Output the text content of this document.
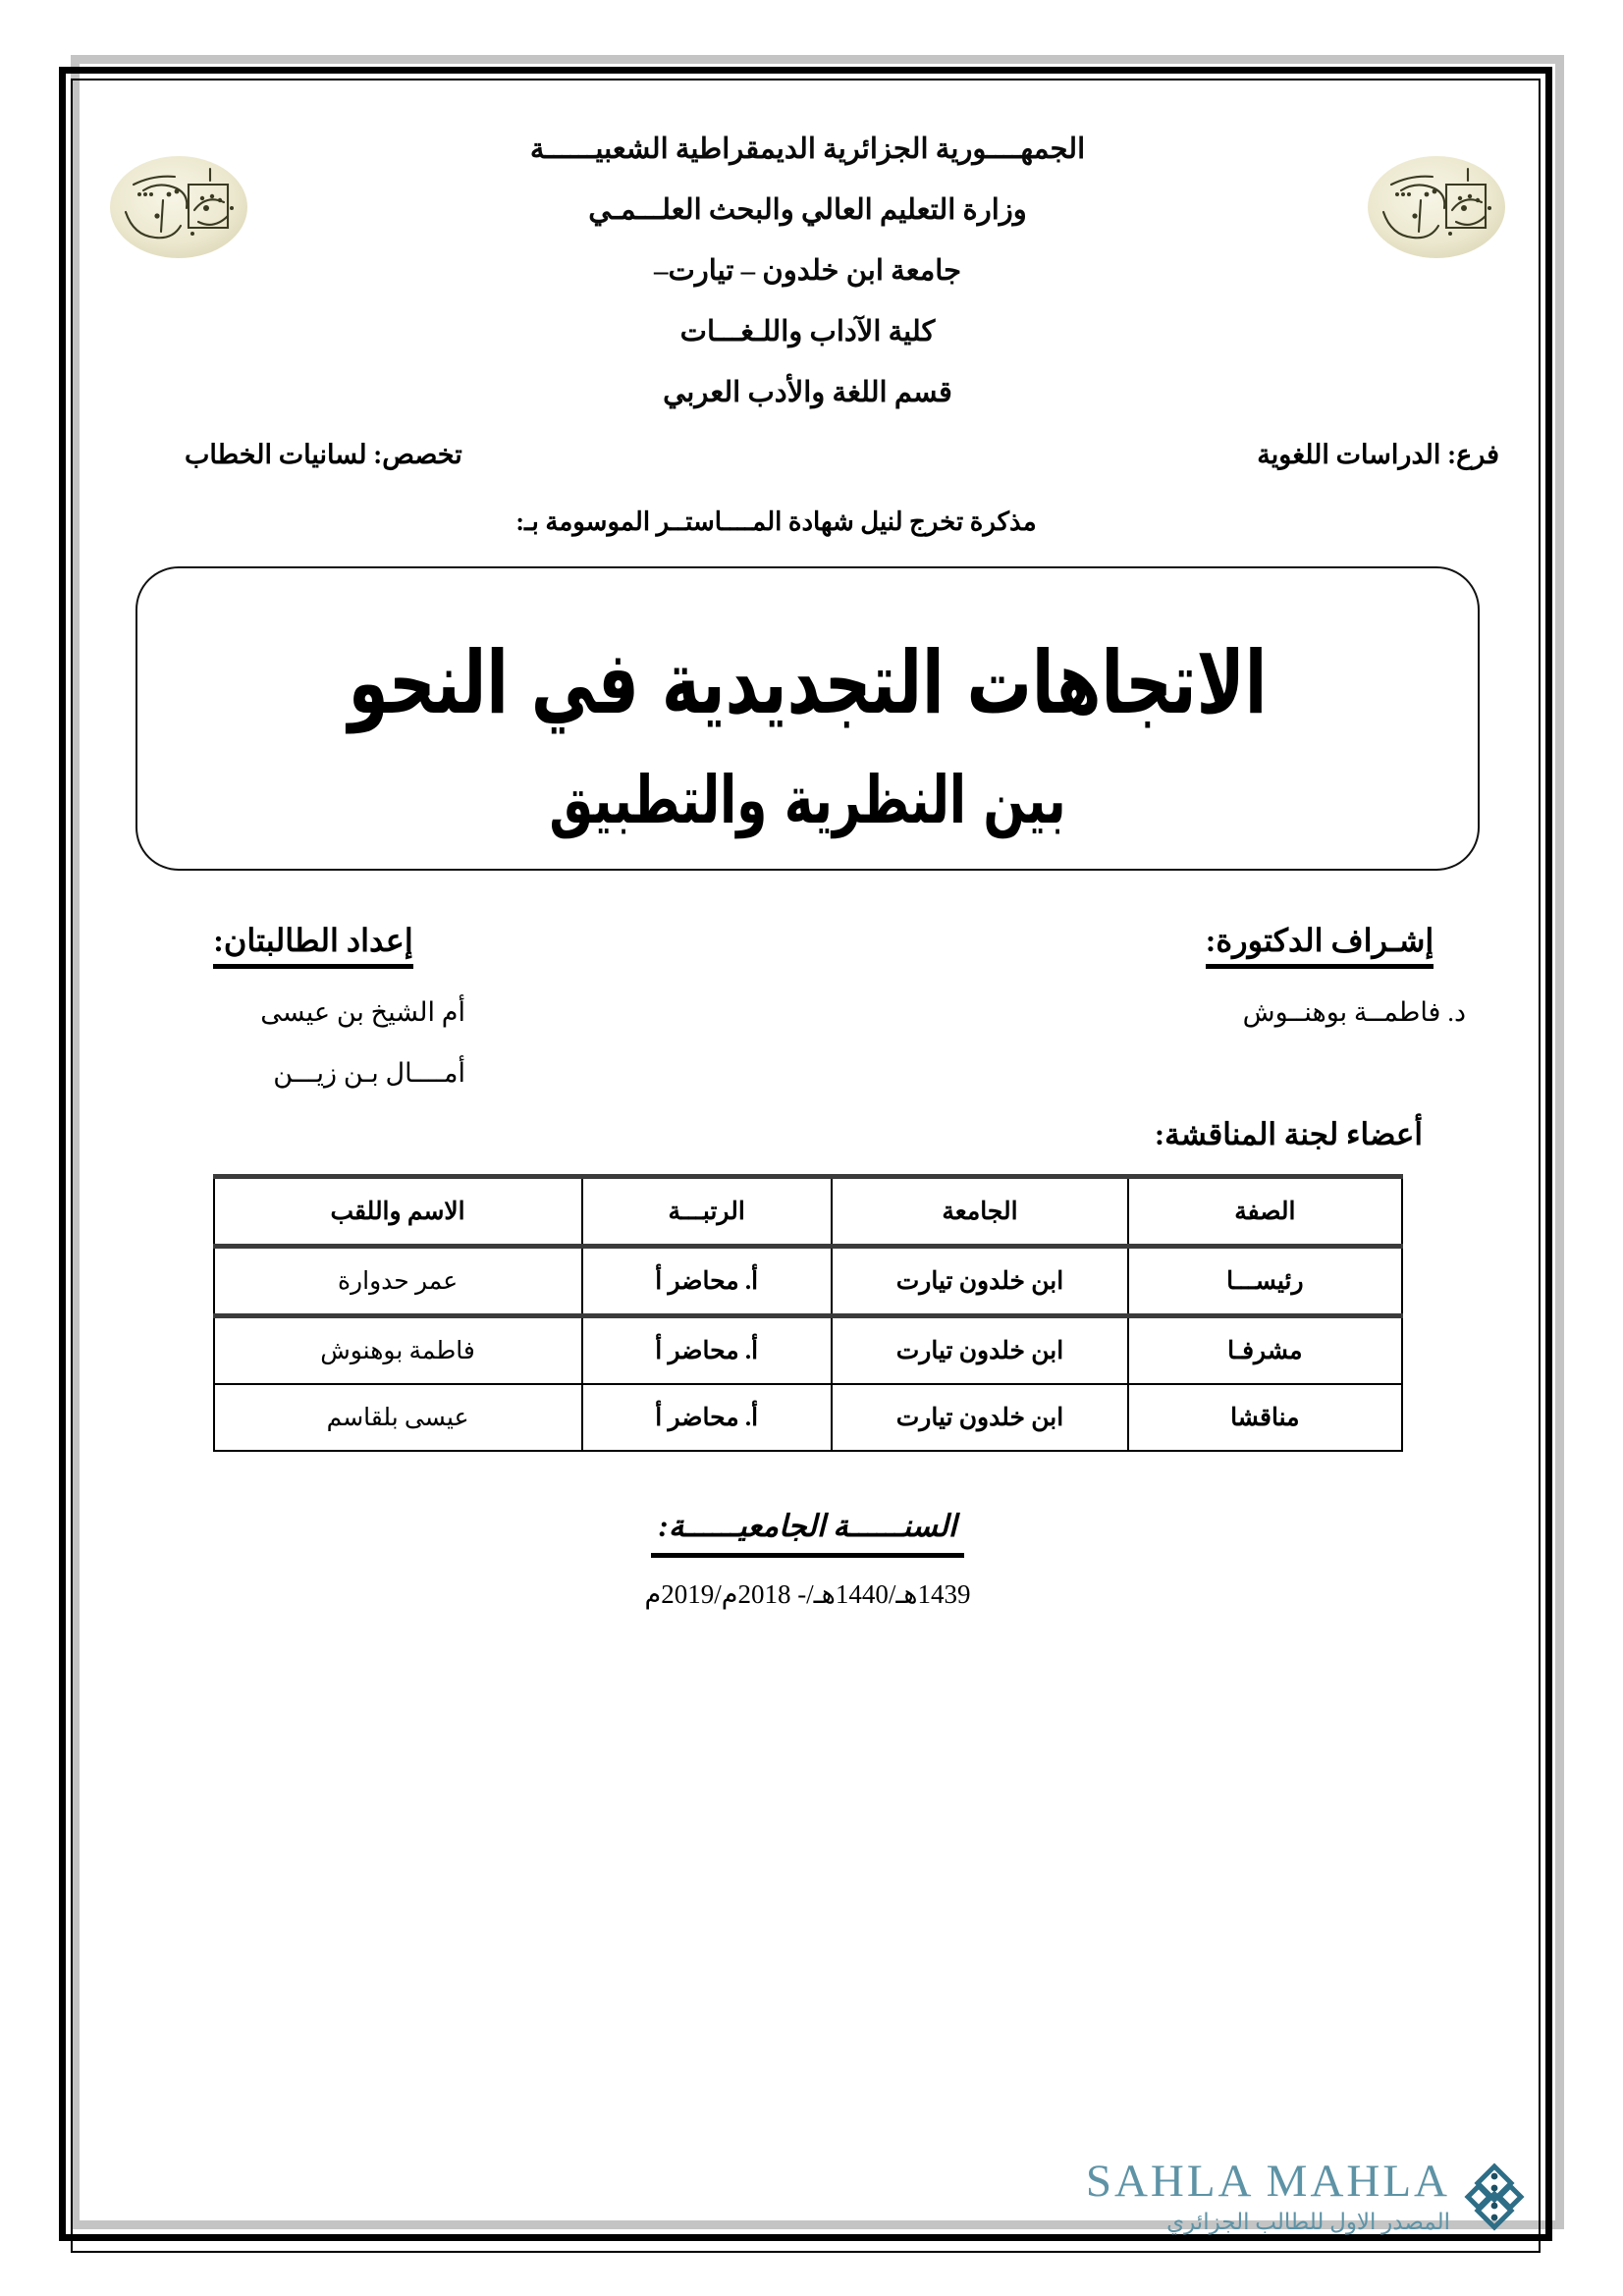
الجمهــــورية الجزائرية الديمقراطية الشعبيــــــة

وزارة التعليم العالي والبحث العلـــمـي

جامعة ابن خلدون – تيارت–

كلية الآداب واللـغـــات

قسم اللغة والأدب العربي

فرع: الدراسات اللغوية
تخصص: لسانيات الخطاب

مذكرة تخرج لنيل شهادة المــــاستــر الموسومة بـ:

الاتجاهات التجديدية في النحو
بين النظرية والتطبيق

إشـراف الدكتورة:

د. فاطمــة بوهنــوش

إعداد الطالبتان:

أم الشيخ بن عيسى

أمــــال بـن زيـــن

أعضاء لجنة المناقشة:

الصفة	الجامعة	الرتبـــة	الاسم واللقب
رئيســـا	ابن خلدون تيارت	أ. محاضر أ	عمر حدوارة
مشرفـا	ابن خلدون تيارت	أ. محاضر أ	فاطمة بوهنوش
مناقشا	ابن خلدون تيارت	أ. محاضر أ	عيسى بلقاسم

السنــــــة الجامعيــــــة:

1439هـ/1440هـ/- 2018م/2019م

SAHLA MAHLA

المصدر الاول للطالب الجزائري
